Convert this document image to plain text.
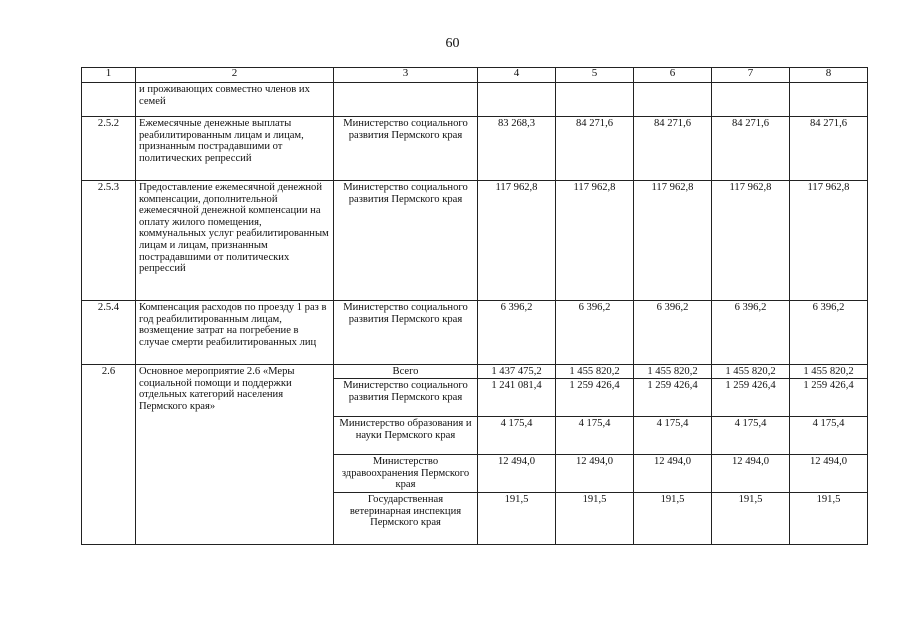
60
1	2	3	4	5	6	7	8
	и проживающих совместно членов их семей						
2.5.2	Ежемесячные денежные выплаты реабилитированным лицам и лицам, признанным пострадавшими от политических репрессий	Министерство социального развития Пермского края	83 268,3	84 271,6	84 271,6	84 271,6	84 271,6
2.5.3	Предоставление ежемесячной денежной компенсации, дополнительной ежемесячной денежной компенсации на оплату жилого помещения, коммунальных услуг реабилитированным лицам и лицам, признанным пострадавшими от политических репрессий	Министерство социального развития Пермского края	117 962,8	117 962,8	117 962,8	117 962,8	117 962,8
2.5.4	Компенсация расходов по проезду 1 раз в год реабилитированным лицам, возмещение затрат на погребение в случае смерти реабилитированных лиц	Министерство социального развития Пермского края	6 396,2	6 396,2	6 396,2	6 396,2	6 396,2
2.6	Основное мероприятие 2.6 «Меры социальной помощи и поддержки отдельных категорий населения Пермского края»	Всего	1 437 475,2	1 455 820,2	1 455 820,2	1 455 820,2	1 455 820,2
		Министерство социального развития Пермского края	1 241 081,4	1 259 426,4	1 259 426,4	1 259 426,4	1 259 426,4
		Министерство образования и науки Пермского края	4 175,4	4 175,4	4 175,4	4 175,4	4 175,4
		Министерство здравоохранения Пермского края	12 494,0	12 494,0	12 494,0	12 494,0	12 494,0
		Государственная ветеринарная инспекция Пермского края	191,5	191,5	191,5	191,5	191,5
